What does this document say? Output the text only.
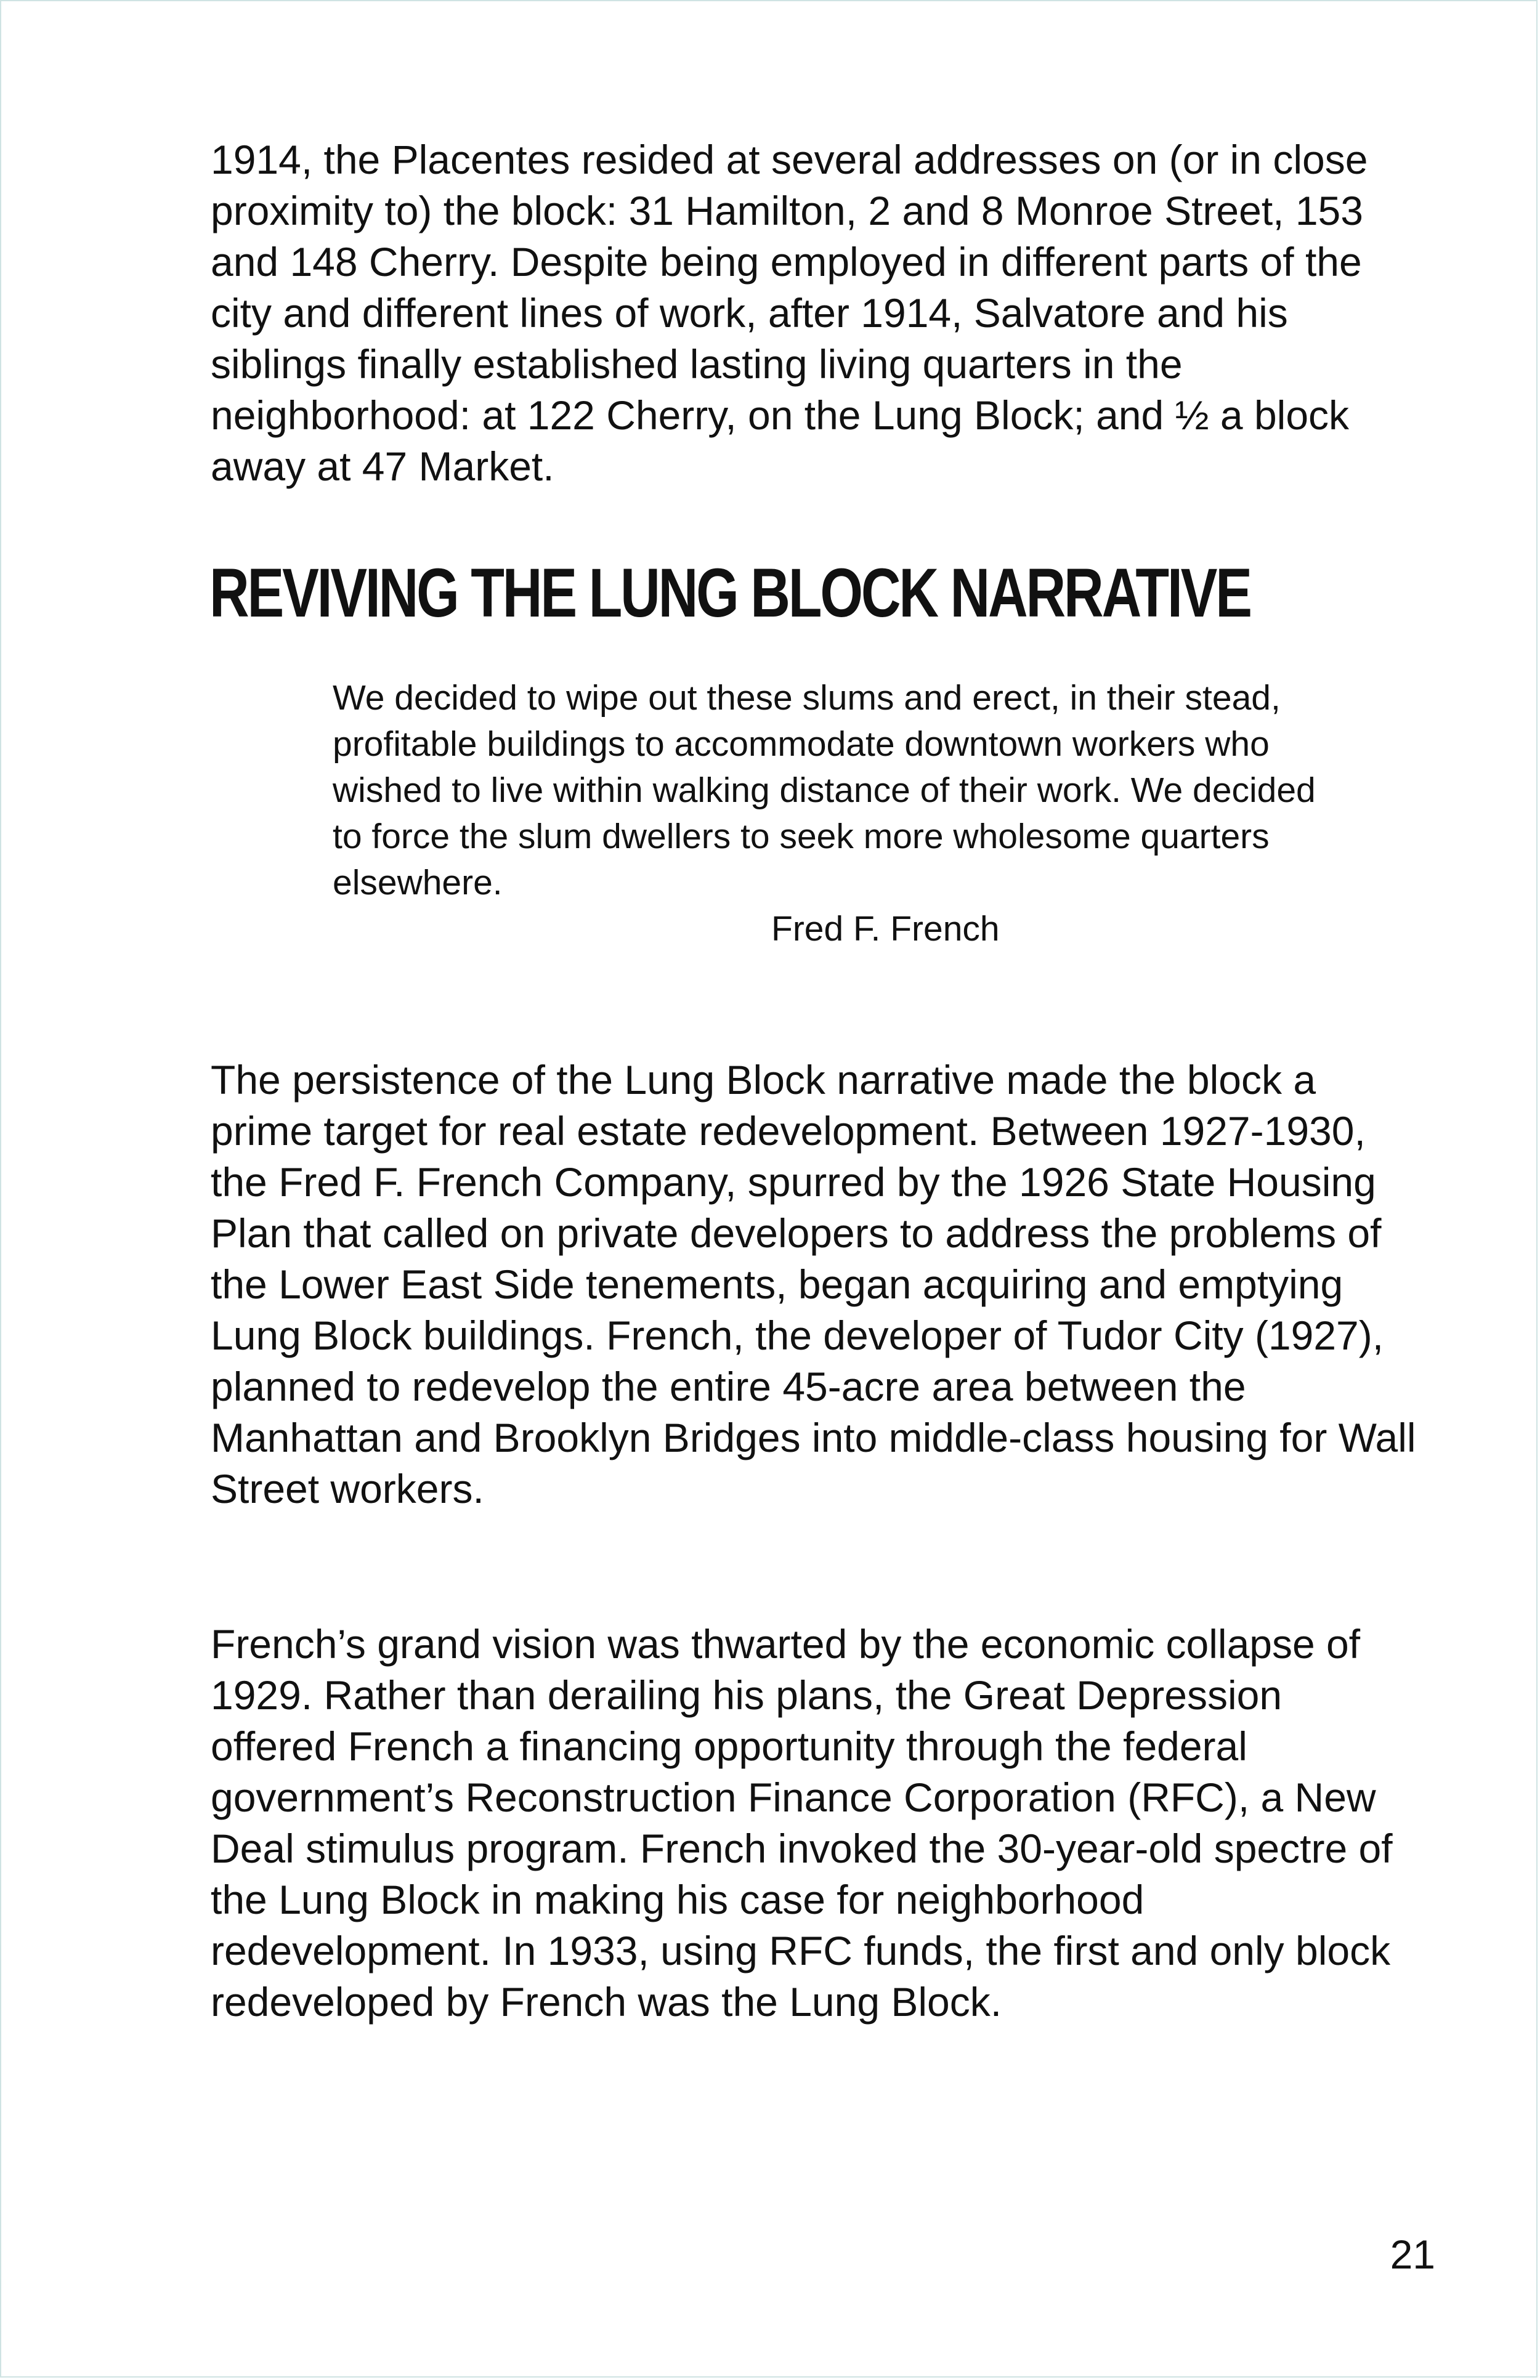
1914, the Placentes resided at several addresses on (or in close proximity to) the block: 31 Hamilton, 2 and 8 Monroe Street, 153 and 148 Cherry. Despite being employed in different parts of the city and different lines of work, after 1914, Salvatore and his siblings finally established lasting living quarters in the neighborhood: at 122 Cherry, on the Lung Block; and ½ a block away at 47 Market.

REVIVING THE LUNG BLOCK NARRATIVE

We decided to wipe out these slums and erect, in their stead, profitable buildings to accommodate downtown workers who wished to live within walking distance of their work. We decided to force the slum dwellers to seek more wholesome quarters elsewhere.

Fred F. French

The persistence of the Lung Block narrative made the block a prime target for real estate redevelopment. Between 1927-1930, the Fred F. French Company, spurred by the 1926 State Housing Plan that called on private developers to address the problems of the Lower East Side tenements, began acquiring and emptying Lung Block buildings. French, the developer of Tudor City (1927), planned to redevelop the entire 45-acre area between the Manhattan and Brooklyn Bridges into middle-class housing for Wall Street workers.

French’s grand vision was thwarted by the economic collapse of 1929. Rather than derailing his plans, the Great Depression offered French a financing opportunity through the federal government’s Reconstruction Finance Corporation (RFC), a New Deal stimulus program. French invoked the 30-year-old spectre of the Lung Block in making his case for neighborhood redevelopment. In 1933, using RFC funds, the first and only block redeveloped by French was the Lung Block.

21
